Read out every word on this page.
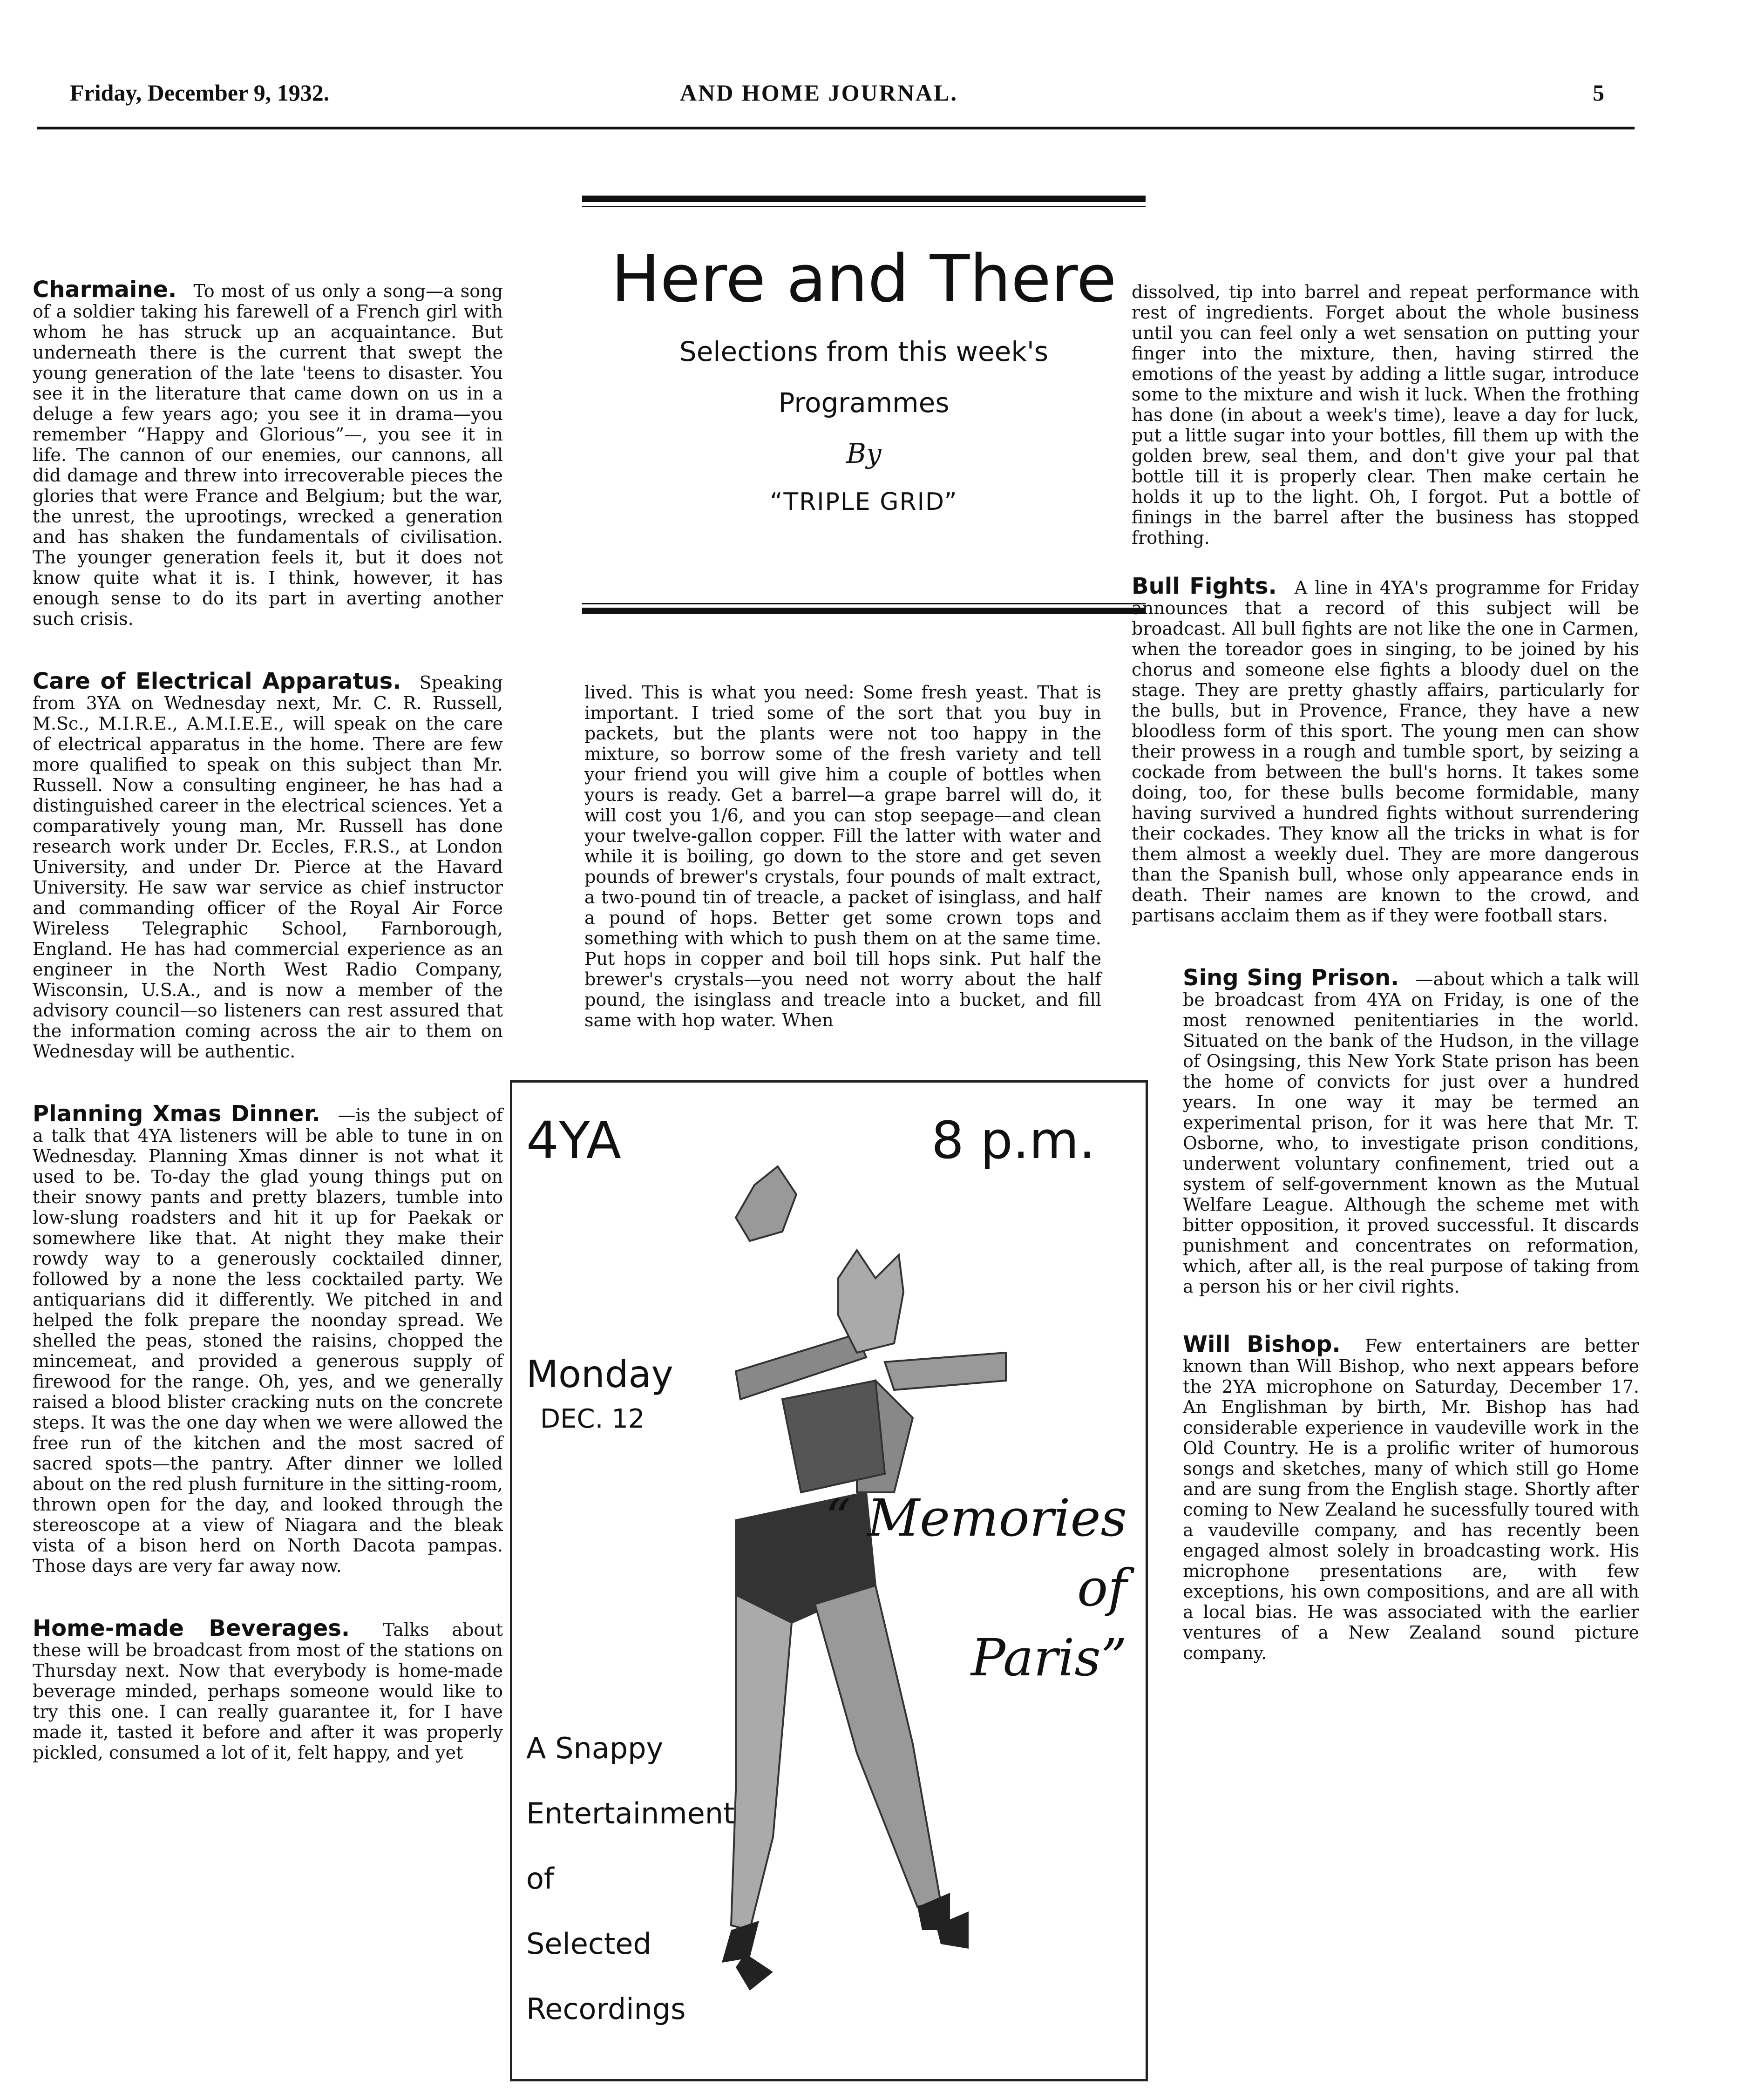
Friday, December 9, 1932.	AND HOME JOURNAL.	5
Here and There
Selections from this week's
Programmes
By
“TRIPLE GRID”

Charmaine. To most of us only a song—a song of a soldier taking his farewell of a French girl with whom he has struck up an acquaintance. But underneath there is the current that swept the young generation of the late 'teens to disaster. You see it in the literature that came down on us in a deluge a few years ago; you see it in drama—you remember “Happy and Glorious”—, you see it in life. The cannon of our enemies, our cannons, all did damage and threw into irrecoverable pieces the glories that were France and Belgium; but the war, the unrest, the uprootings, wrecked a generation and has shaken the fundamentals of civilisation. The younger generation feels it, but it does not know quite what it is. I think, however, it has enough sense to do its part in averting another such crisis.

Care of Electrical Apparatus. Speaking from 3YA on Wednesday next, Mr. C. R. Russell, M.Sc., M.I.R.E., A.M.I.E.E., will speak on the care of electrical apparatus in the home. There are few more qualified to speak on this subject than Mr. Russell. Now a consulting engineer, he has had a distinguished career in the electrical sciences. Yet a comparatively young man, Mr. Russell has done research work under Dr. Eccles, F.R.S., at London University, and under Dr. Pierce at the Havard University. He saw war service as chief instructor and commanding officer of the Royal Air Force Wireless Telegraphic School, Farnborough, England. He has had commercial experience as an engineer in the North West Radio Company, Wisconsin, U.S.A., and is now a member of the advisory council—so listeners can rest assured that the information coming across the air to them on Wednesday will be authentic.

Planning Xmas Dinner. —is the subject of a talk that 4YA listeners will be able to tune in on Wednesday. Planning Xmas dinner is not what it used to be. To-day the glad young things put on their snowy pants and pretty blazers, tumble into low-slung roadsters and hit it up for Paekak or somewhere like that. At night they make their rowdy way to a generously cocktailed dinner, followed by a none the less cocktailed party. We antiquarians did it differently. We pitched in and helped the folk prepare the noonday spread. We shelled the peas, stoned the raisins, chopped the mincemeat, and provided a generous supply of firewood for the range. Oh, yes, and we generally raised a blood blister cracking nuts on the concrete steps. It was the one day when we were allowed the free run of the kitchen and the most sacred of sacred spots—the pantry. After dinner we lolled about on the red plush furniture in the sitting-room, thrown open for the day, and looked through the stereoscope at a view of Niagara and the bleak vista of a bison herd on North Dacota pampas. Those days are very far away now.

Home-made Beverages. Talks about these will be broadcast from most of the stations on Thursday next. Now that everybody is home-made beverage minded, perhaps someone would like to try this one. I can really guarantee it, for I have made it, tasted it before and after it was properly pickled, consumed a lot of it, felt happy, and yet

lived. This is what you need: Some fresh yeast. That is important. I tried some of the sort that you buy in packets, but the plants were not too happy in the mixture, so borrow some of the fresh variety and tell your friend you will give him a couple of bottles when yours is ready. Get a barrel—a grape barrel will do, it will cost you 1/6, and you can stop seepage—and clean your twelve-gallon copper. Fill the latter with water and while it is boiling, go down to the store and get seven pounds of brewer's crystals, four pounds of malt extract, a two-pound tin of treacle, a packet of isinglass, and half a pound of hops. Better get some crown tops and something with which to push them on at the same time. Put hops in copper and boil till hops sink. Put half the brewer's crystals—you need not worry about the half pound, the isinglass and treacle into a bucket, and fill same with hop water. When

dissolved, tip into barrel and repeat performance with rest of ingredients. Forget about the whole business until you can feel only a wet sensation on putting your finger into the mixture, then, having stirred the emotions of the yeast by adding a little sugar, introduce some to the mixture and wish it luck. When the frothing has done (in about a week's time), leave a day for luck, put a little sugar into your bottles, fill them up with the golden brew, seal them, and don't give your pal that bottle till it is properly clear. Then make certain he holds it up to the light. Oh, I forgot. Put a bottle of finings in the barrel after the business has stopped frothing.

Bull Fights. A line in 4YA's programme for Friday announces that a record of this subject will be broadcast. All bull fights are not like the one in Carmen, when the toreador goes in singing, to be joined by his chorus and someone else fights a bloody duel on the stage. They are pretty ghastly affairs, particularly for the bulls, but in Provence, France, they have a new bloodless form of this sport. The young men can show their prowess in a rough and tumble sport, by seizing a cockade from between the bull's horns. It takes some doing, too, for these bulls become formidable, many having survived a hundred fights without surrendering their cockades. They know all the tricks in what is for them almost a weekly duel. They are more dangerous than the Spanish bull, whose only appearance ends in death. Their names are known to the crowd, and partisans acclaim them as if they were football stars.

Sing Sing Prison. —about which a talk will be broadcast from 4YA on Friday, is one of the most renowned penitentiaries in the world. Situated on the bank of the Hudson, in the village of Osingsing, this New York State prison has been the home of convicts for just over a hundred years. In one way it may be termed an experimental prison, for it was here that Mr. T. Osborne, who, to investigate prison conditions, underwent voluntary confinement, tried out a system of self-government known as the Mutual Welfare League. Although the scheme met with bitter opposition, it proved successful. It discards punishment and concentrates on reformation, which, after all, is the real purpose of taking from a person his or her civil rights.

Will Bishop. Few entertainers are better known than Will Bishop, who next appears before the 2YA microphone on Saturday, December 17. An Englishman by birth, Mr. Bishop has had considerable experience in vaudeville work in the Old Country. He is a prolific writer of humorous songs and sketches, many of which still go Home and are sung from the English stage. Shortly after coming to New Zealand he sucessfully toured with a vaudeville company, and has recently been engaged almost solely in broadcasting work. His microphone presentations are, with few exceptions, his own compositions, and are all with a local bias. He was associated with the earlier ventures of a New Zealand sound picture company.

4YA	8 p.m.
Monday
DEC. 12
“ Memories
of
Paris”
A Snappy
Entertainment
of
Selected
Recordings
